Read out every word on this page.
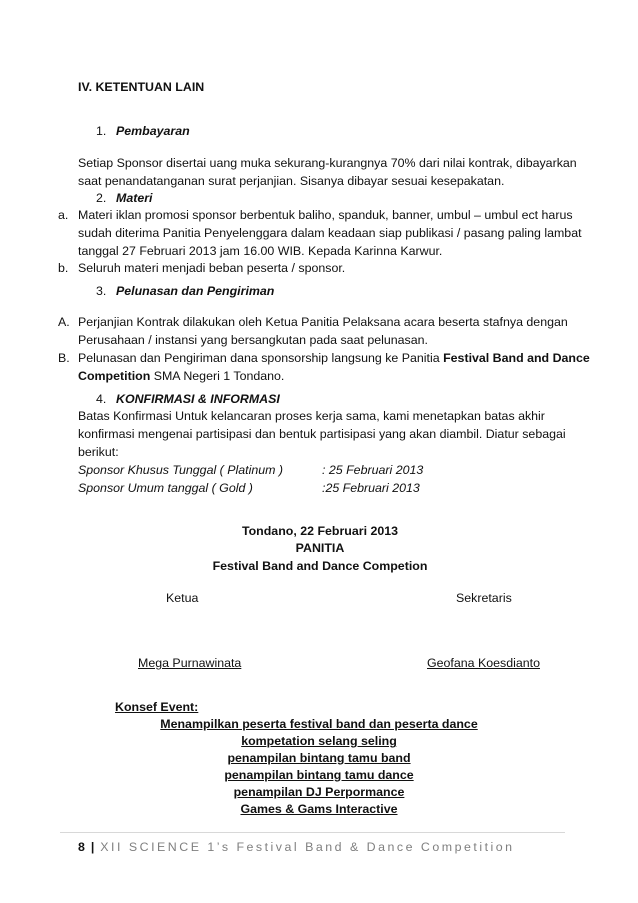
IV. KETENTUAN LAIN
1. Pembayaran
Setiap Sponsor disertai uang muka sekurang-kurangnya 70% dari nilai kontrak, dibayarkan
saat penandatanganan surat perjanjian. Sisanya dibayar sesuai kesepakatan.
2. Materi
a. Materi iklan promosi sponsor berbentuk baliho, spanduk, banner, umbul – umbul ect harus
sudah diterima Panitia Penyelenggara dalam keadaan siap publikasi / pasang paling lambat
tanggal 27 Februari 2013 jam 16.00 WIB. Kepada Karinna Karwur.
b. Seluruh materi menjadi beban peserta / sponsor.
3. Pelunasan dan Pengiriman
A. Perjanjian Kontrak dilakukan oleh Ketua Panitia Pelaksana acara beserta stafnya dengan
Perusahaan / instansi yang bersangkutan pada saat pelunasan.
B. Pelunasan dan Pengiriman dana sponsorship langsung ke Panitia Festival Band and Dance
Competition SMA Negeri 1 Tondano.
4. KONFIRMASI & INFORMASI
Batas Konfirmasi Untuk kelancaran proses kerja sama, kami menetapkan batas akhir
konfirmasi mengenai partisipasi dan bentuk partisipasi yang akan diambil. Diatur sebagai
berikut:
Sponsor Khusus Tunggal ( Platinum )	: 25 Februari 2013
Sponsor Umum tanggal ( Gold )	:25 Februari 2013
Tondano, 22 Februari 2013
PANITIA
Festival Band and Dance Competion
Ketua	Sekretaris
Mega Purnawinata	Geofana Koesdianto
Konsef Event:
Menampilkan peserta festival band dan peserta dance
kompetation selang seling
penampilan bintang tamu band
penampilan bintang tamu dance
penampilan DJ Perpormance
Games & Gams Interactive
8 | XII SCIENCE 1’s Festival Band & Dance Competition
